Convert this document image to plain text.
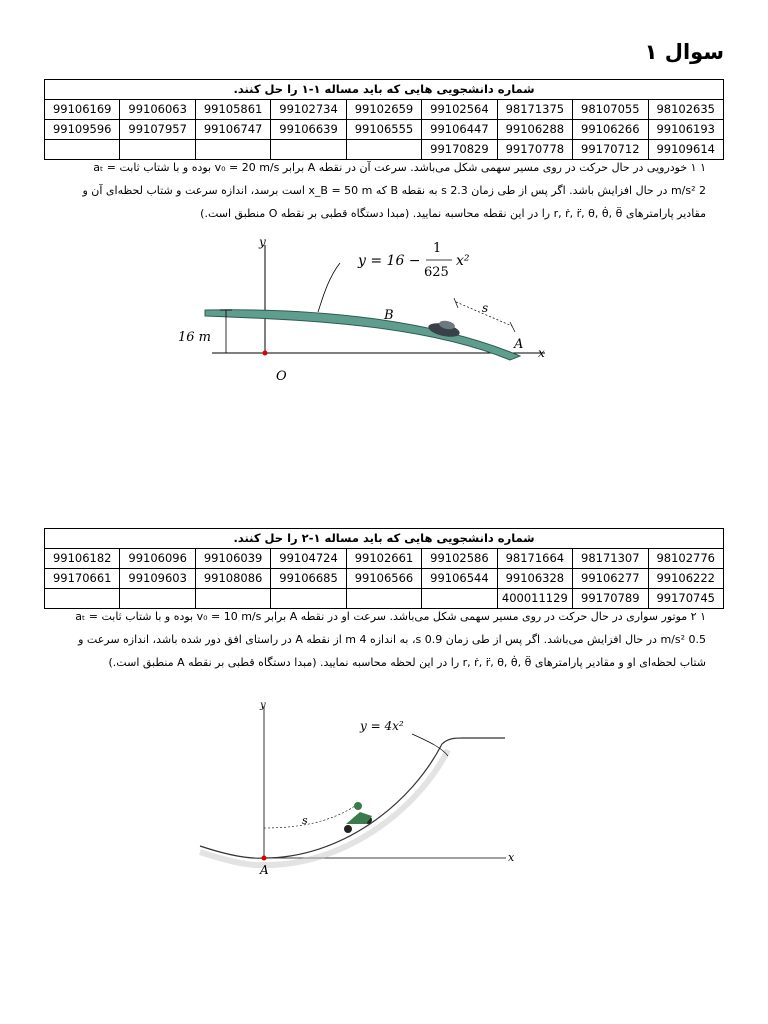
سوال ۱
شماره دانشجویی هایی که باید مساله ۱-۱ را حل کنند.								
99106169	99106063	99105861	99102734	99102659	99102564	98171375	98107055	98102635
99109596	99107957	99106747	99106639	99106555	99106447	99106288	99106266	99106193
					99170829	99170778	99170712	99109614
۱ ۱ خودرویی در حال حرکت در روی مسیر سهمی شکل می‌باشد. سرعت آن در نقطه A برابر v₀ = 20 m/s بوده و با شتاب ثابت = aₜ
2 m/s² در حال افزایش باشد. اگر پس از طی زمان 2.3 s به نقطه B که x_B = 50 m است برسد، اندازه سرعت و شتاب لحظه‌ای آن و
مقادیر پارامترهای r, ṙ, r̈, θ, θ̇, θ̈ را در این نقطه محاسبه نمایید. (مبدا دستگاه قطبی بر نقطه O منطبق است.)
x
y
O
16 m
y = 16 −
1
625
x²
B	s
A
شماره دانشجویی هایی که باید مساله ۱-۲ را حل کنند.								
99106182	99106096	99106039	99104724	99102661	99102586	98171664	98171307	98102776
99170661	99109603	99108086	99106685	99106566	99106544	99106328	99106277	99106222
						400011129	99170789	99170745
۱ ۲ موتور سواری در حال حرکت در روی مسیر سهمی شکل می‌باشد. سرعت او در نقطه A برابر v₀ = 10 m/s بوده و با شتاب ثابت = aₜ
0.5 m/s² در حال افزایش می‌باشد. اگر پس از طی زمان 0.9 s، به اندازه 4 m از نقطه A در راستای افق دور شده باشد، اندازه سرعت و
شتاب لحظه‌ای او و مقادیر پارامترهای r, ṙ, r̈, θ, θ̇, θ̈ را در این لحظه محاسبه نمایید. (مبدا دستگاه قطبی بر نقطه A منطبق است.)
y
x
y = 4x²
s
A
